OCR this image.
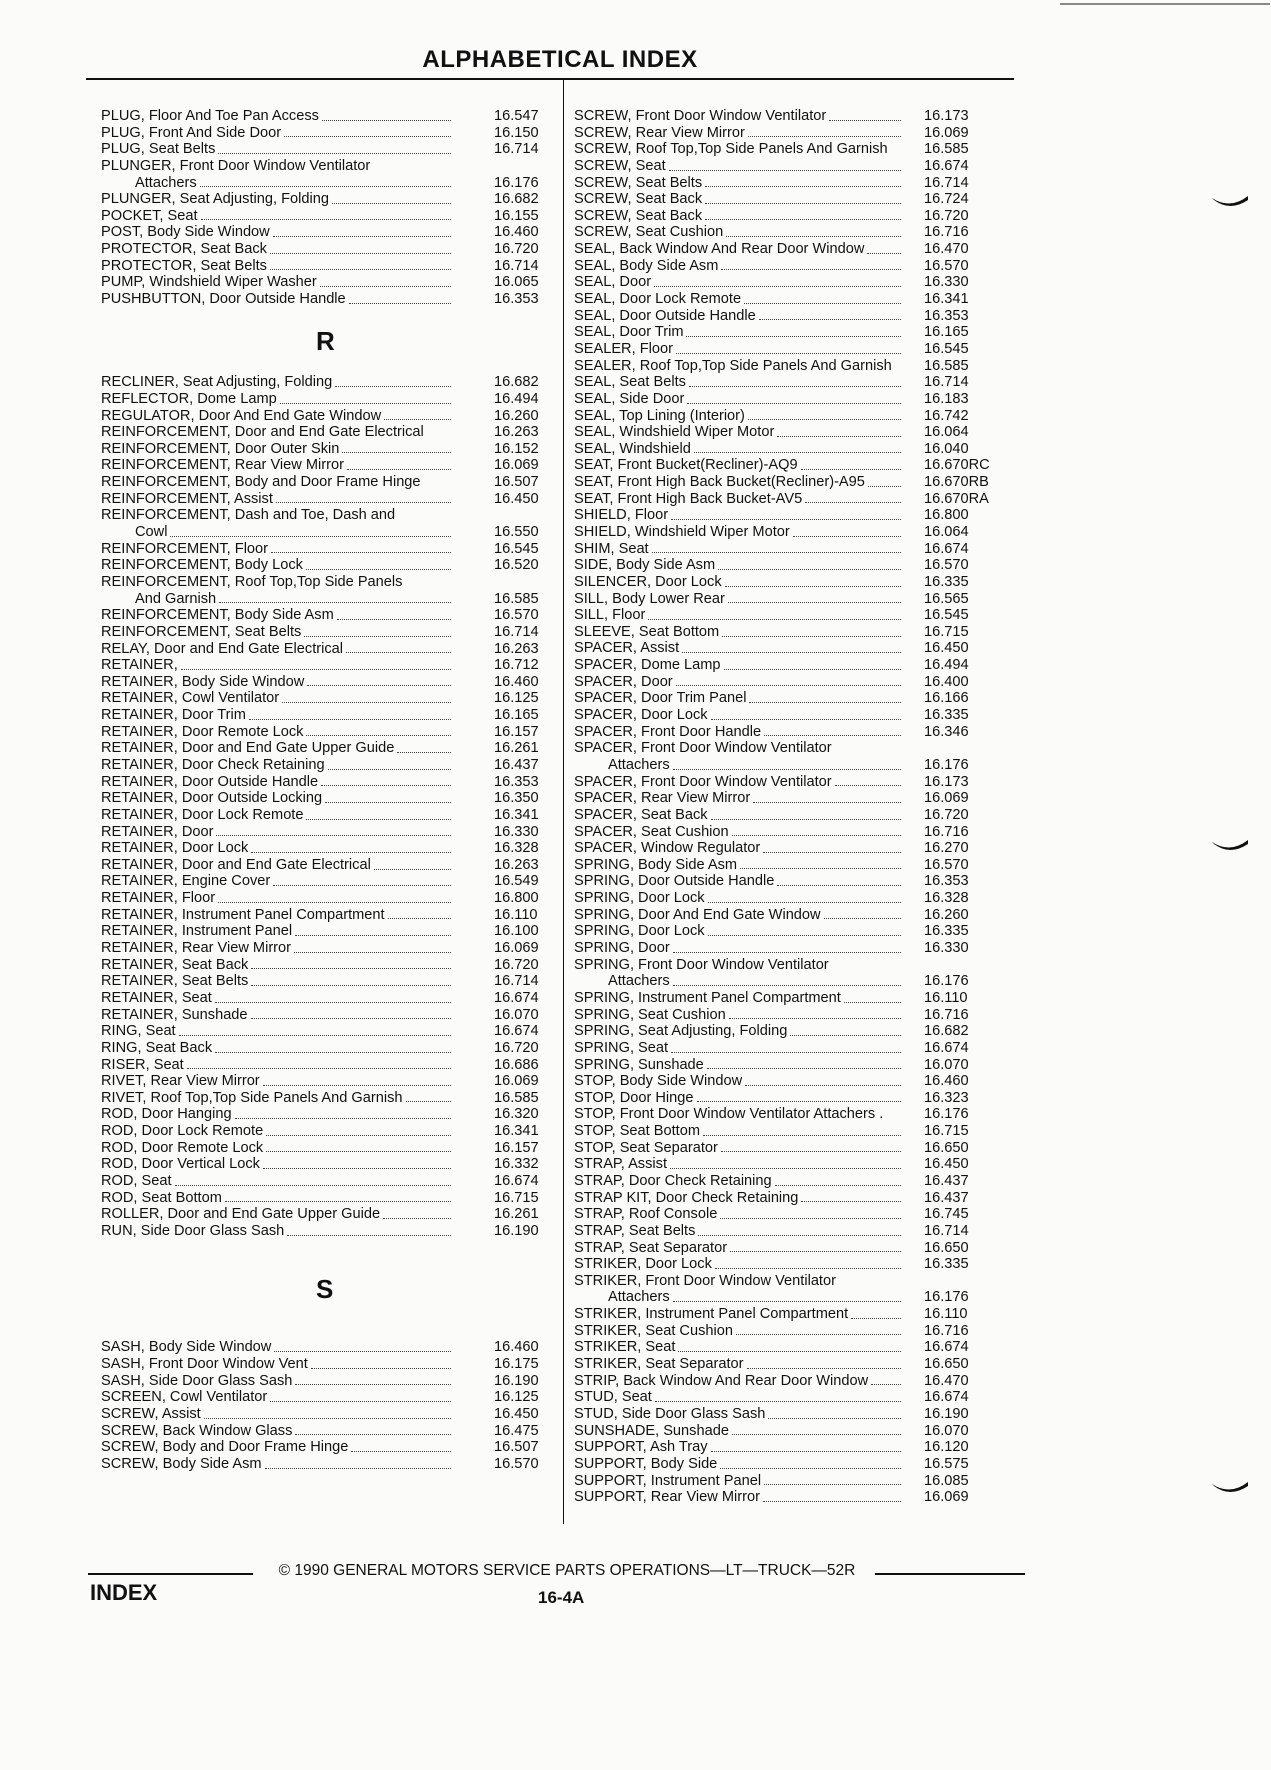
ALPHABETICAL INDEX
PLUG, Floor And Toe Pan Access	16.547
PLUG, Front And Side Door	16.150
PLUG, Seat Belts	16.714
PLUNGER, Front Door Window Ventilator
Attachers	16.176
PLUNGER, Seat Adjusting, Folding	16.682
POCKET, Seat	16.155
POST, Body Side Window	16.460
PROTECTOR, Seat Back	16.720
PROTECTOR, Seat Belts	16.714
PUMP, Windshield Wiper Washer	16.065
PUSHBUTTON, Door Outside Handle	16.353
R
RECLINER, Seat Adjusting, Folding	16.682
REFLECTOR, Dome Lamp	16.494
REGULATOR, Door And End Gate Window	16.260
REINFORCEMENT, Door and End Gate Electrical	16.263
REINFORCEMENT, Door Outer Skin	16.152
REINFORCEMENT, Rear View Mirror	16.069
REINFORCEMENT, Body and Door Frame Hinge	16.507
REINFORCEMENT, Assist	16.450
REINFORCEMENT, Dash and Toe, Dash and
Cowl	16.550
REINFORCEMENT, Floor	16.545
REINFORCEMENT, Body Lock	16.520
REINFORCEMENT, Roof Top,Top Side Panels
And Garnish	16.585
REINFORCEMENT, Body Side Asm	16.570
REINFORCEMENT, Seat Belts	16.714
RELAY, Door and End Gate Electrical	16.263
RETAINER,	16.712
RETAINER, Body Side Window	16.460
RETAINER, Cowl Ventilator	16.125
RETAINER, Door Trim	16.165
RETAINER, Door Remote Lock	16.157
RETAINER, Door and End Gate Upper Guide	16.261
RETAINER, Door Check Retaining	16.437
RETAINER, Door Outside Handle	16.353
RETAINER, Door Outside Locking	16.350
RETAINER, Door Lock Remote	16.341
RETAINER, Door	16.330
RETAINER, Door Lock	16.328
RETAINER, Door and End Gate Electrical	16.263
RETAINER, Engine Cover	16.549
RETAINER, Floor	16.800
RETAINER, Instrument Panel Compartment	16.110
RETAINER, Instrument Panel	16.100
RETAINER, Rear View Mirror	16.069
RETAINER, Seat Back	16.720
RETAINER, Seat Belts	16.714
RETAINER, Seat	16.674
RETAINER, Sunshade	16.070
RING, Seat	16.674
RING, Seat Back	16.720
RISER, Seat	16.686
RIVET, Rear View Mirror	16.069
RIVET, Roof Top,Top Side Panels And Garnish	16.585
ROD, Door Hanging	16.320
ROD, Door Lock Remote	16.341
ROD, Door Remote Lock	16.157
ROD, Door Vertical Lock	16.332
ROD, Seat	16.674
ROD, Seat Bottom	16.715
ROLLER, Door and End Gate Upper Guide	16.261
RUN, Side Door Glass Sash	16.190
S
SASH, Body Side Window	16.460
SASH, Front Door Window Vent	16.175
SASH, Side Door Glass Sash	16.190
SCREEN, Cowl Ventilator	16.125
SCREW, Assist	16.450
SCREW, Back Window Glass	16.475
SCREW, Body and Door Frame Hinge	16.507
SCREW, Body Side Asm	16.570
SCREW, Front Door Window Ventilator	16.173
SCREW, Rear View Mirror	16.069
SCREW, Roof Top,Top Side Panels And Garnish 16.585
SCREW, Seat	16.674
SCREW, Seat Belts	16.714
SCREW, Seat Back	16.724
SCREW, Seat Back	16.720
SCREW, Seat Cushion	16.716
SEAL, Back Window And Rear Door Window	16.470
SEAL, Body Side Asm	16.570
SEAL, Door	16.330
SEAL, Door Lock Remote	16.341
SEAL, Door Outside Handle	16.353
SEAL, Door Trim	16.165
SEALER, Floor	16.545
SEALER, Roof Top,Top Side Panels And Garnish 16.585
SEAL, Seat Belts	16.714
SEAL, Side Door	16.183
SEAL, Top Lining (Interior)	16.742
SEAL, Windshield Wiper Motor	16.064
SEAL, Windshield	16.040
SEAT, Front Bucket(Recliner)-AQ9	16.670RC
SEAT, Front High Back Bucket(Recliner)-A95	16.670RB
SEAT, Front High Back Bucket-AV5	16.670RA
SHIELD, Floor	16.800
SHIELD, Windshield Wiper Motor	16.064
SHIM, Seat	16.674
SIDE, Body Side Asm	16.570
SILENCER, Door Lock	16.335
SILL, Body Lower Rear	16.565
SILL, Floor	16.545
SLEEVE, Seat Bottom	16.715
SPACER, Assist	16.450
SPACER, Dome Lamp	16.494
SPACER, Door	16.400
SPACER, Door Trim Panel	16.166
SPACER, Door Lock	16.335
SPACER, Front Door Handle	16.346
SPACER, Front Door Window Ventilator
Attachers	16.176
SPACER, Front Door Window Ventilator	16.173
SPACER, Rear View Mirror	16.069
SPACER, Seat Back	16.720
SPACER, Seat Cushion	16.716
SPACER, Window Regulator	16.270
SPRING, Body Side Asm	16.570
SPRING, Door Outside Handle	16.353
SPRING, Door Lock	16.328
SPRING, Door And End Gate Window	16.260
SPRING, Door Lock	16.335
SPRING, Door	16.330
SPRING, Front Door Window Ventilator
Attachers	16.176
SPRING, Instrument Panel Compartment	16.110
SPRING, Seat Cushion	16.716
SPRING, Seat Adjusting, Folding	16.682
SPRING, Seat	16.674
SPRING, Sunshade	16.070
STOP, Body Side Window	16.460
STOP, Door Hinge	16.323
STOP, Front Door Window Ventilator Attachers .	16.176
STOP, Seat Bottom	16.715
STOP, Seat Separator	16.650
STRAP, Assist	16.450
STRAP, Door Check Retaining	16.437
STRAP KIT, Door Check Retaining	16.437
STRAP, Roof Console	16.745
STRAP, Seat Belts	16.714
STRAP, Seat Separator	16.650
STRIKER, Door Lock	16.335
STRIKER, Front Door Window Ventilator
Attachers	16.176
STRIKER, Instrument Panel Compartment	16.110
STRIKER, Seat Cushion	16.716
STRIKER, Seat	16.674
STRIKER, Seat Separator	16.650
STRIP, Back Window And Rear Door Window	16.470
STUD, Seat	16.674
STUD, Side Door Glass Sash	16.190
SUNSHADE, Sunshade	16.070
SUPPORT, Ash Tray	16.120
SUPPORT, Body Side	16.575
SUPPORT, Instrument Panel	16.085
SUPPORT, Rear View Mirror	16.069
© 1990 GENERAL MOTORS SERVICE PARTS OPERATIONS—LT—TRUCK—52R
INDEX	16-4A
